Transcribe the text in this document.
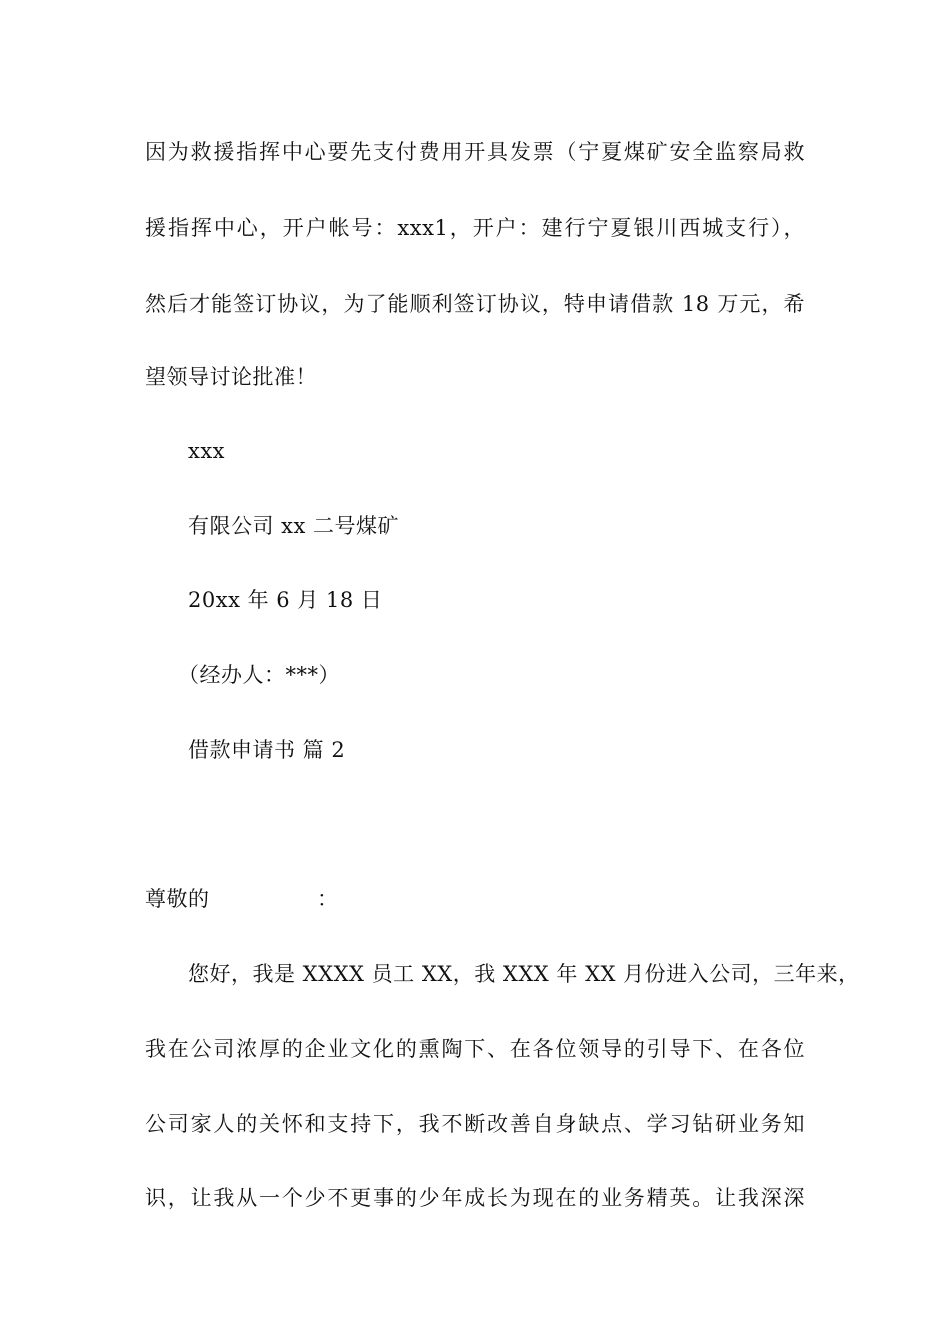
因为救援指挥中心要先支付费用开具发票（宁夏煤矿安全监察局救
援指挥中心，开户帐号：xxx1，开户：建行宁夏银川西城支行），
然后才能签订协议，为了能顺利签订协议，特申请借款 18 万元，希
望领导讨论批准！
xxx
有限公司 xx 二号煤矿
20xx 年 6 月 18 日
（经办人：***）
借款申请书 篇 2
尊敬的　　　　　：
您好，我是 XXXX 员工 XX，我 XXX 年 XX 月份进入公司，三年来，
我在公司浓厚的企业文化的熏陶下、在各位领导的引导下、在各位
公司家人的关怀和支持下，我不断改善自身缺点、学习钻研业务知
识，让我从一个少不更事的少年成长为现在的业务精英。让我深深
